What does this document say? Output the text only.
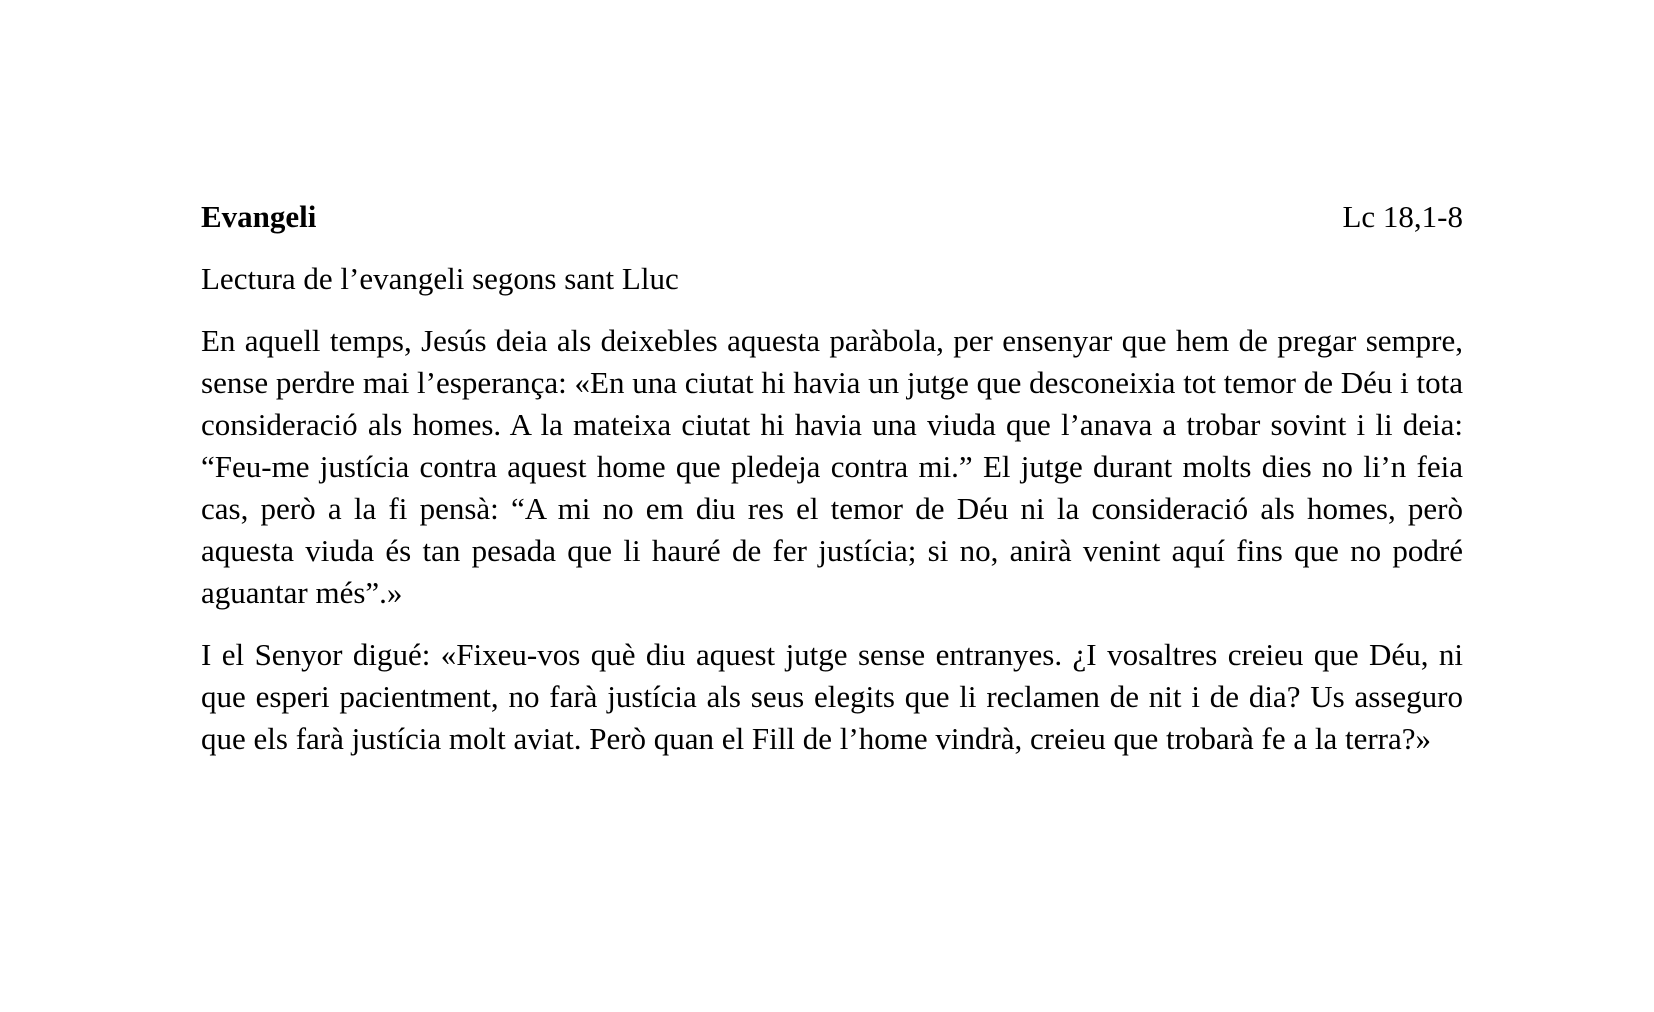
Evangeli	Lc 18,1-8

Lectura de l’evangeli segons sant Lluc

En aquell temps, Jesús deia als deixebles aquesta paràbola, per ensenyar que hem de pregar sempre, sense perdre mai l’esperança: «En una ciutat hi havia un jutge que desconeixia tot temor de Déu i tota consideració als homes. A la mateixa ciutat hi havia una viuda que l’anava a trobar sovint i li deia: “Feu-me justícia contra aquest home que pledeja contra mi.” El jutge durant molts dies no li’n feia cas, però a la fi pensà: “A mi no em diu res el temor de Déu ni la consideració als homes, però aquesta viuda és tan pesada que li hauré de fer justícia; si no, anirà venint aquí fins que no podré aguantar més”.»

I el Senyor digué: «Fixeu-vos què diu aquest jutge sense entranyes. ¿I vosaltres creieu que Déu, ni que esperi pacientment, no farà justícia als seus elegits que li reclamen de nit i de dia? Us asseguro que els farà justícia molt aviat. Però quan el Fill de l’home vindrà, creieu que trobarà fe a la terra?»
